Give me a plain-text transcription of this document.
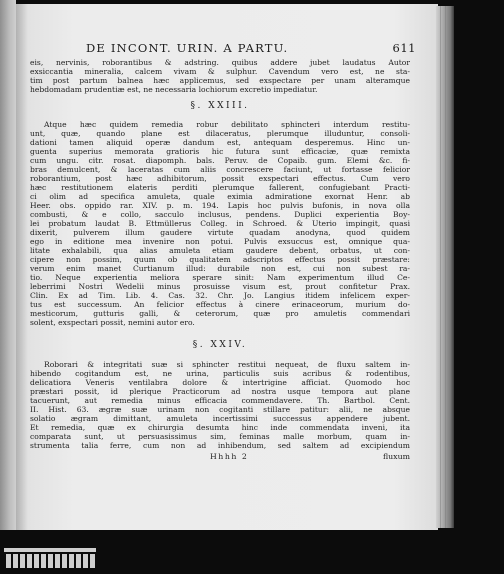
DE INCONT. URIN. A PARTU.	611
eis, nervinis, roborantibus & adstring. quibus addere jubet laudatus Autor
exsiccantia mineralia, calcem vivam & sulphur. Cavendum vero est, ne sta-
tim post partum balnea hæc applicemus, sed exspectare per unam alteramque
hebdomadam prudentiæ est, ne necessaria lochiorum excretio impediatur.
§. XXIII.
Atque hæc quidem remedia robur debilitato sphincteri interdum restitu-
unt, quæ, quando plane est dilaceratus, plerumque illuduntur, consoli-
dationi tamen aliquid operæ dandum est, antequam desperemus. Hinc un-
guenta superius memorata gratioris hic futura sunt efficaciæ, quæ remixta
cum ungu. citr. rosat. diapomph. bals. Peruv. de Copaib. gum. Elemi &c. fi-
bras demulcent, & laceratas cum aliis concrescere faciunt, ut fortasse felicior
roborantium, post hæc adhibitorum, possit exspectari effectus. Cum vero
hæc restitutionem elateris perditi plerumque fallerent, confugiebant Practi-
ci olim ad specifica amuleta, quale eximia admiratione exornat Henr. ab
Heer. obs. oppido rar. XIV. p. m. 194. Lapis hoc pulvis bufonis, in nova olla
combusti, & e collo, sacculo inclusus, pendens. Duplici experientia Boy-
lei probatum laudat B. Ettmüllerus Colleg. in Schroed. & Uterio impingit, quasi
dixerit, pulverem illum gaudere virtute quadam anodyna, quod quidem
ego in editione mea invenire non potui. Pulvis exsuccus est, omnique qua-
litate exhalabili, qua alias amuleta etiam gaudere debent, orbatus, ut con-
cipere non possim, quum ob qualitatem adscriptos effectus possit præstare:
verum enim manet Curtianum illud: durabile non est, cui non subest ra-
tio. Neque experientia meliora sperare sinit: Nam experimentum illud Ce-
leberrimi Nostri Wedelii minus prosuisse visum est, prout confitetur Prax.
Clin. Ex ad Tim. Lib. 4. Cas. 32. Chr. Jo. Langius itidem infelicem exper-
tus est successum. An felicior effectus à cinere erinaceorum, murium do-
mesticorum, gutturis galli, & ceterorum, quæ pro amuletis commendari
solent, exspectari possit, nemini autor ero.
§. XXIV.
Roborari & integritati suæ si sphincter restitui nequeat, de fluxu saltem in-
hibendo cogitandum est, ne urina, particulis suis acribus & rodentibus,
delicatiora Veneris ventilabra dolore & intertrigine afficiat. Quomodo hoc
præstari possit, id plerique Practicorum ad nostra usque tempora aut plane
tacuerunt, aut remedia minus efficacia commendavere. Th. Bartbol. Cent.
II. Hist. 63. ægræ suæ urinam non cogitanti stillare patitur: alii, ne absque
solatio ægram dimittant, amuleta incertissimi successus appendere jubent.
Et remedia, quæ ex chirurgia desumta hinc inde commendata inveni, ita
comparata sunt, ut persuasissimus sim, feminas malle morbum, quam in-
strumenta talia ferre, cum non ad inhibendum, sed saltem ad excipiendum
Hhhh 2	fluxum
